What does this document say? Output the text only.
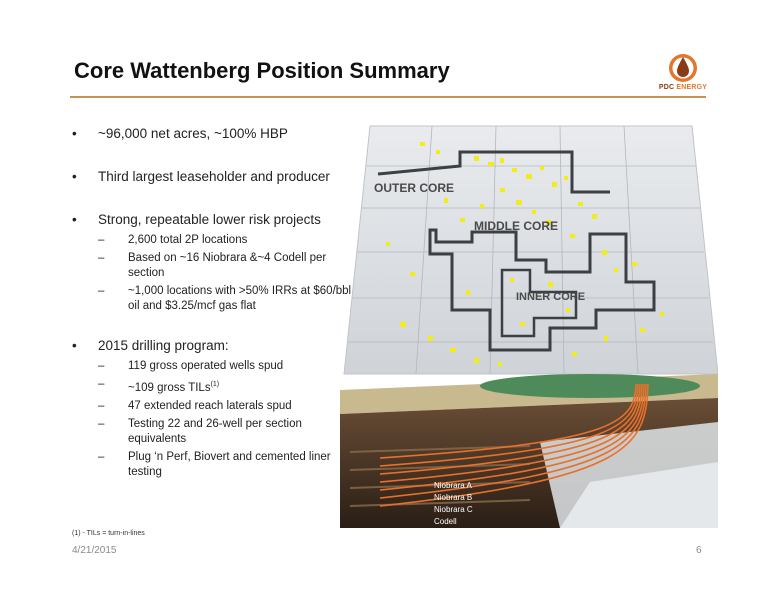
Core Wattenberg Position Summary
PDC ENERGY
• ~96,000 net acres, ~100% HBP
• Third largest leaseholder and producer
• Strong, repeatable lower risk projects
– 2,600 total 2P locations
– Based on ~16 Niobrara &~4 Codell per section
– ~1,000 locations with >50% IRRs at $60/bbl oil and $3.25/mcf gas flat
• 2015 drilling program:
– 119 gross operated wells spud
– ~109 gross TILs$^{(1)}$
– 47 extended reach laterals spud
– Testing 22 and 26-well per section equivalents
– Plug ‘n Perf, Biovert and cemented liner testing
OUTER CORE
MIDDLE CORE
INNER CORE
Niobrara A
Niobrara B
Niobrara C
Codell
(1) - TILs = turn-in-lines
4/21/2015	6
